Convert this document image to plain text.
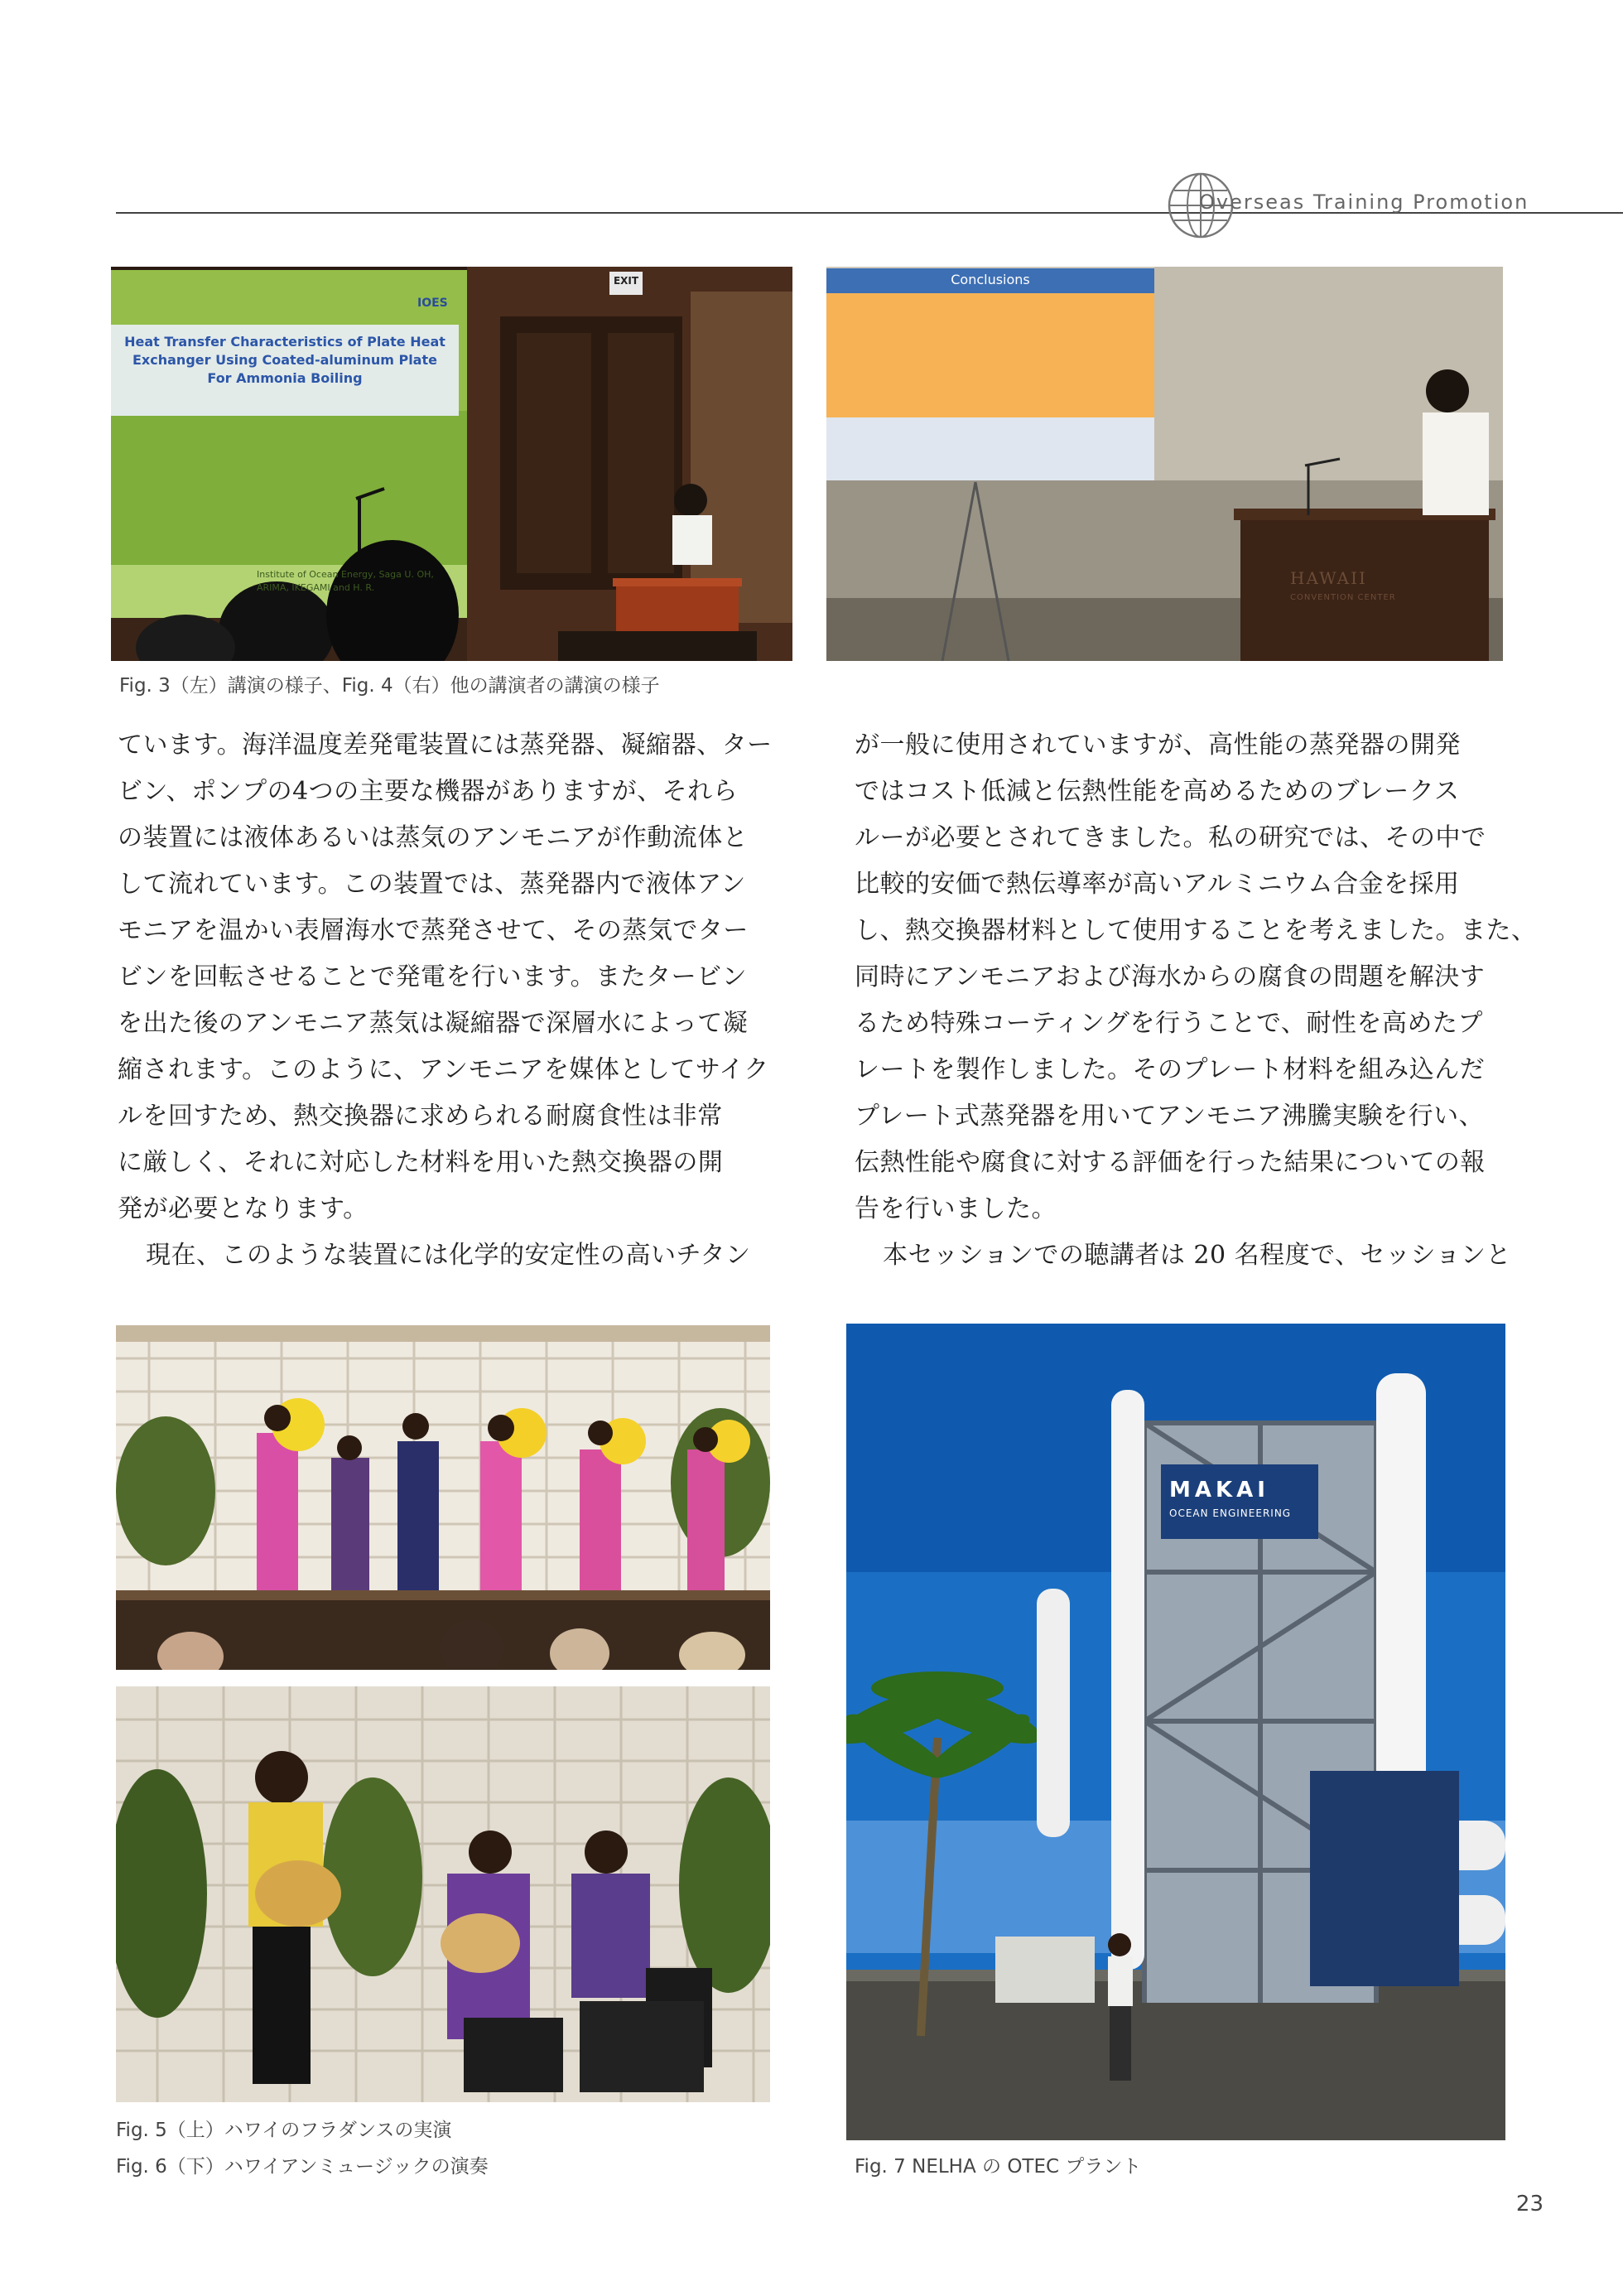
Overseas Training Promotion
IOES
Heat Transfer Characteristics of Plate Heat Exchanger Using Coated-aluminum Plate For Ammonia Boiling
Institute of Ocean Energy, Saga U. OH, ARIMA, IKEGAMI and H. R.
EXIT	Conclusions
HAWAII
CONVENTION CENTER
Fig. 3（左）講演の様子、Fig. 4（右）他の講演者の講演の様子
ています。海洋温度差発電装置には蒸発器、凝縮器、ター
ビン、ポンプの4つの主要な機器がありますが、それら
の装置には液体あるいは蒸気のアンモニアが作動流体と
して流れています。この装置では、蒸発器内で液体アン
モニアを温かい表層海水で蒸発させて、その蒸気でター
ビンを回転させることで発電を行います。またタービン
を出た後のアンモニア蒸気は凝縮器で深層水によって凝
縮されます。このように、アンモニアを媒体としてサイク
ルを回すため、熱交換器に求められる耐腐食性は非常
に厳しく、それに対応した材料を用いた熱交換器の開
発が必要となります。
現在、このような装置には化学的安定性の高いチタン
が一般に使用されていますが、高性能の蒸発器の開発
ではコスト低減と伝熱性能を高めるためのブレークス
ルーが必要とされてきました。私の研究では、その中で
比較的安価で熱伝導率が高いアルミニウム合金を採用
し、熱交換器材料として使用することを考えました。また、
同時にアンモニアおよび海水からの腐食の問題を解決す
るため特殊コーティングを行うことで、耐性を高めたプ
レートを製作しました。そのプレート材料を組み込んだ
プレート式蒸発器を用いてアンモニア沸騰実験を行い、
伝熱性能や腐食に対する評価を行った結果についての報
告を行いました。
本セッションでの聴講者は 20 名程度で、セッションと
Fig. 5（上）ハワイのフラダンスの実演
Fig. 6（下）ハワイアンミュージックの演奏
MAKAI
OCEAN ENGINEERING
Fig. 7 NELHA の OTEC プラント
23
